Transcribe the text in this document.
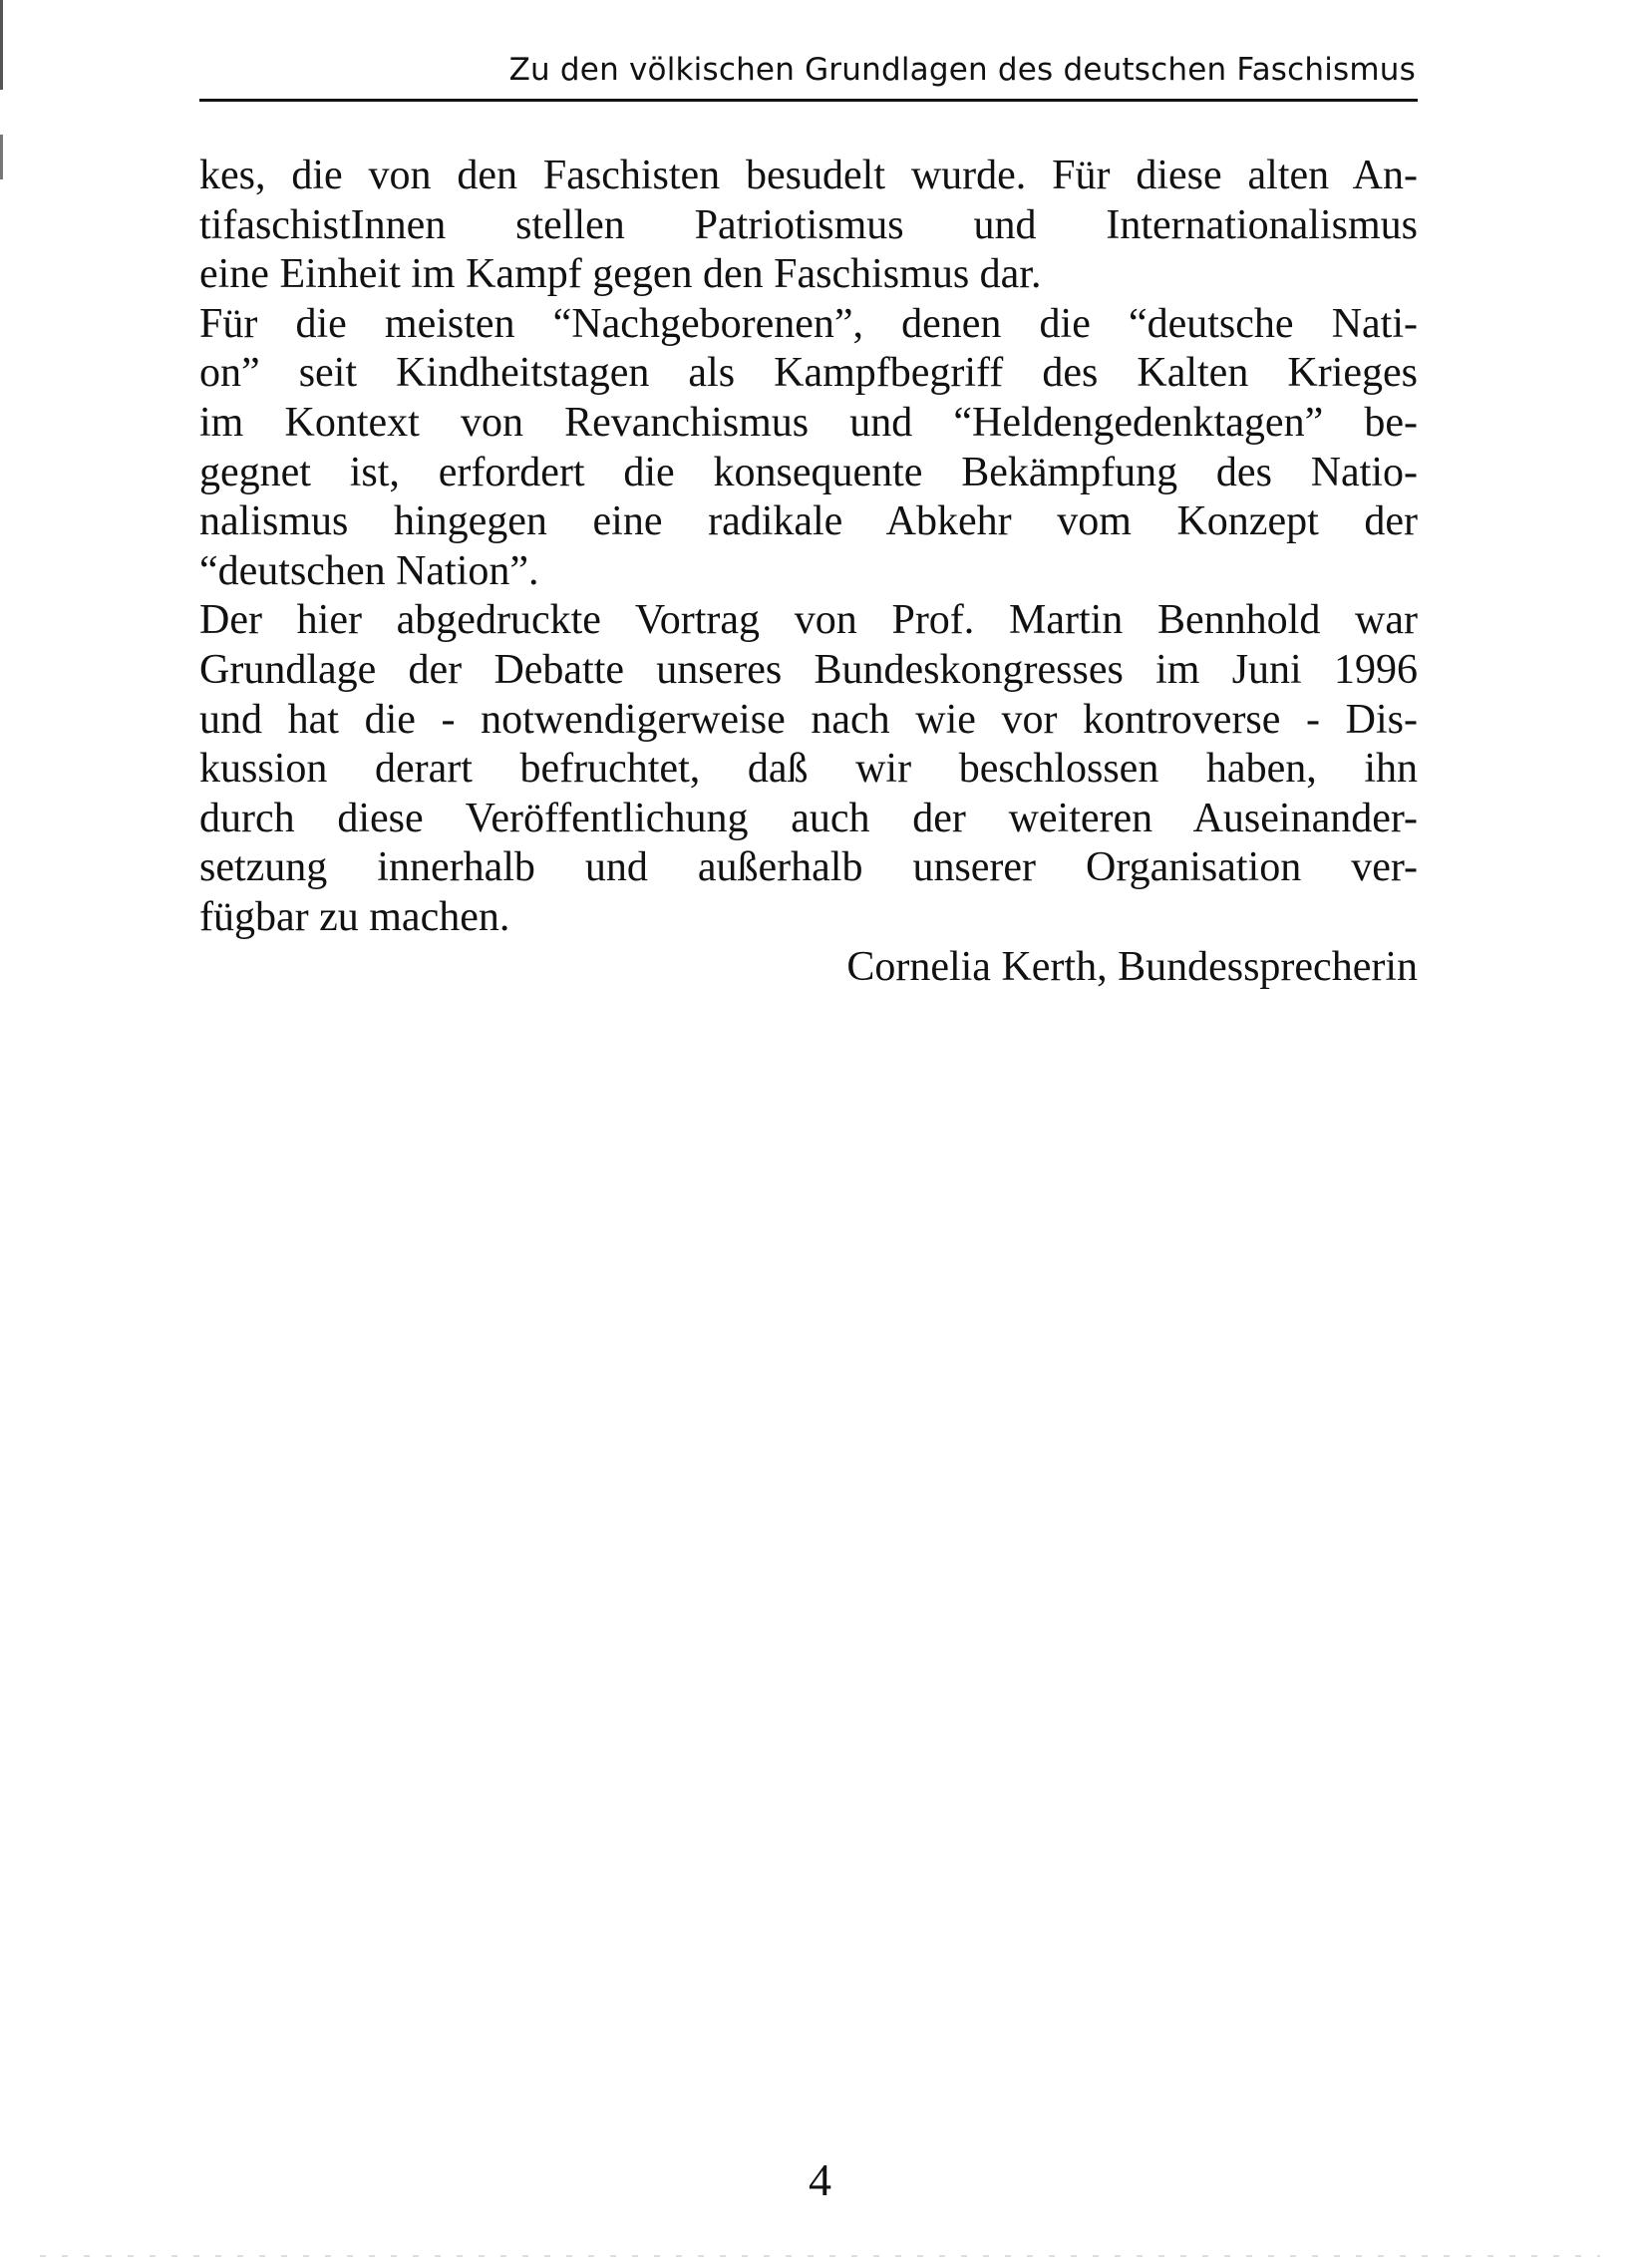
Zu den völkischen Grundlagen des deutschen Faschismus
kes, die von den Faschisten besudelt wurde. Für diese alten An-
tifaschistInnen stellen Patriotismus und Internationalismus
eine Einheit im Kampf gegen den Faschismus dar.
Für die meisten “Nachgeborenen”, denen die “deutsche Nati-
on” seit Kindheitstagen als Kampfbegriff des Kalten Krieges
im Kontext von Revanchismus und “Heldengedenktagen” be-
gegnet ist, erfordert die konsequente Bekämpfung des Natio-
nalismus hingegen eine radikale Abkehr vom Konzept der
“deutschen Nation”.
Der hier abgedruckte Vortrag von Prof. Martin Bennhold war
Grundlage der Debatte unseres Bundeskongresses im Juni 1996
und hat die - notwendigerweise nach wie vor kontroverse - Dis-
kussion derart befruchtet, daß wir beschlossen haben, ihn
durch diese Veröffentlichung auch der weiteren Auseinander-
setzung innerhalb und außerhalb unserer Organisation ver-
fügbar zu machen.
Cornelia Kerth, Bundessprecherin
4
